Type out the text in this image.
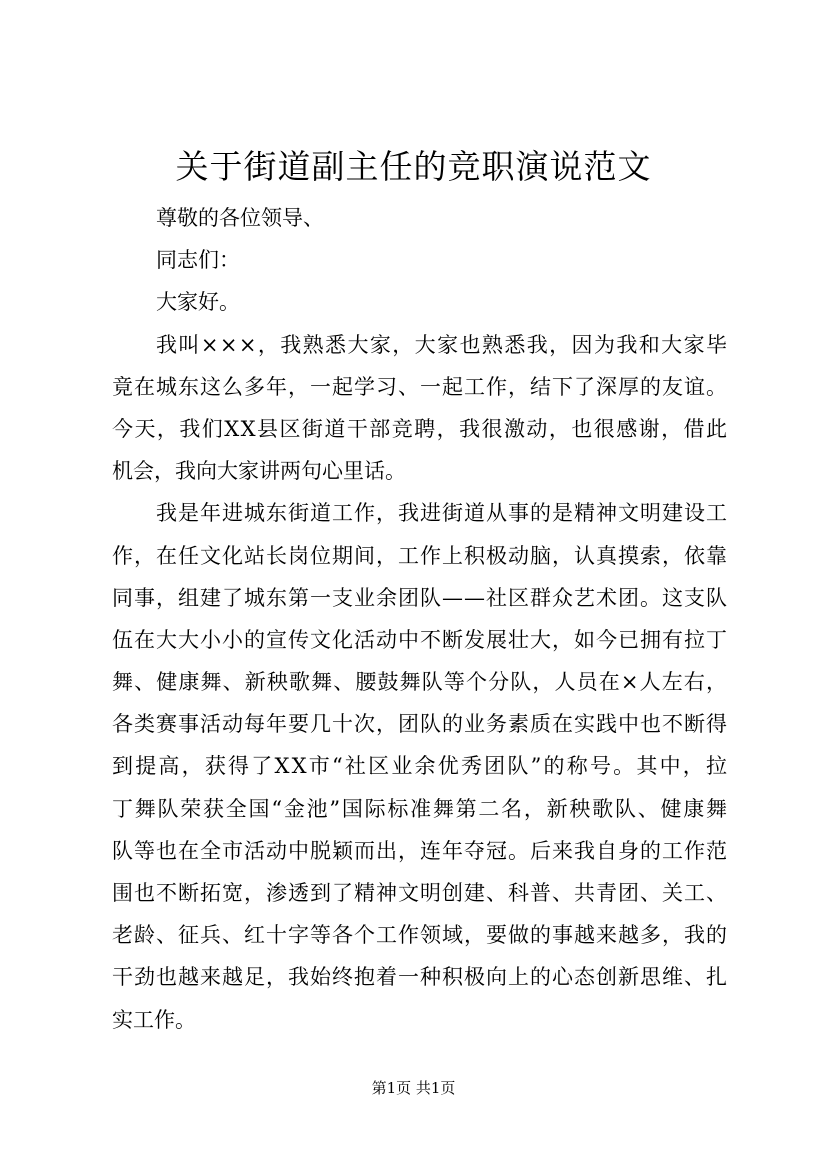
关于街道副主任的竞职演说范文
尊敬的各位领导、
同志们：
大家好。
我叫×××，我熟悉大家，大家也熟悉我，因为我和大家毕
竟在城东这么多年，一起学习、一起工作，结下了深厚的友谊。
今天，我们XX县区街道干部竞聘，我很激动，也很感谢，借此
机会，我向大家讲两句心里话。
我是年进城东街道工作，我进街道从事的是精神文明建设工
作，在任文化站长岗位期间，工作上积极动脑，认真摸索，依靠
同事，组建了城东第一支业余团队——社区群众艺术团。这支队
伍在大大小小的宣传文化活动中不断发展壮大，如今已拥有拉丁
舞、健康舞、新秧歌舞、腰鼓舞队等个分队，人员在×人左右，
各类赛事活动每年要几十次，团队的业务素质在实践中也不断得
到提高，获得了XX市“社区业余优秀团队”的称号。其中，拉
丁舞队荣获全国“金池”国际标准舞第二名，新秧歌队、健康舞
队等也在全市活动中脱颖而出，连年夺冠。后来我自身的工作范
围也不断拓宽，渗透到了精神文明创建、科普、共青团、关工、
老龄、征兵、红十字等各个工作领域，要做的事越来越多，我的
干劲也越来越足，我始终抱着一种积极向上的心态创新思维、扎
实工作。
第1页 共1页
